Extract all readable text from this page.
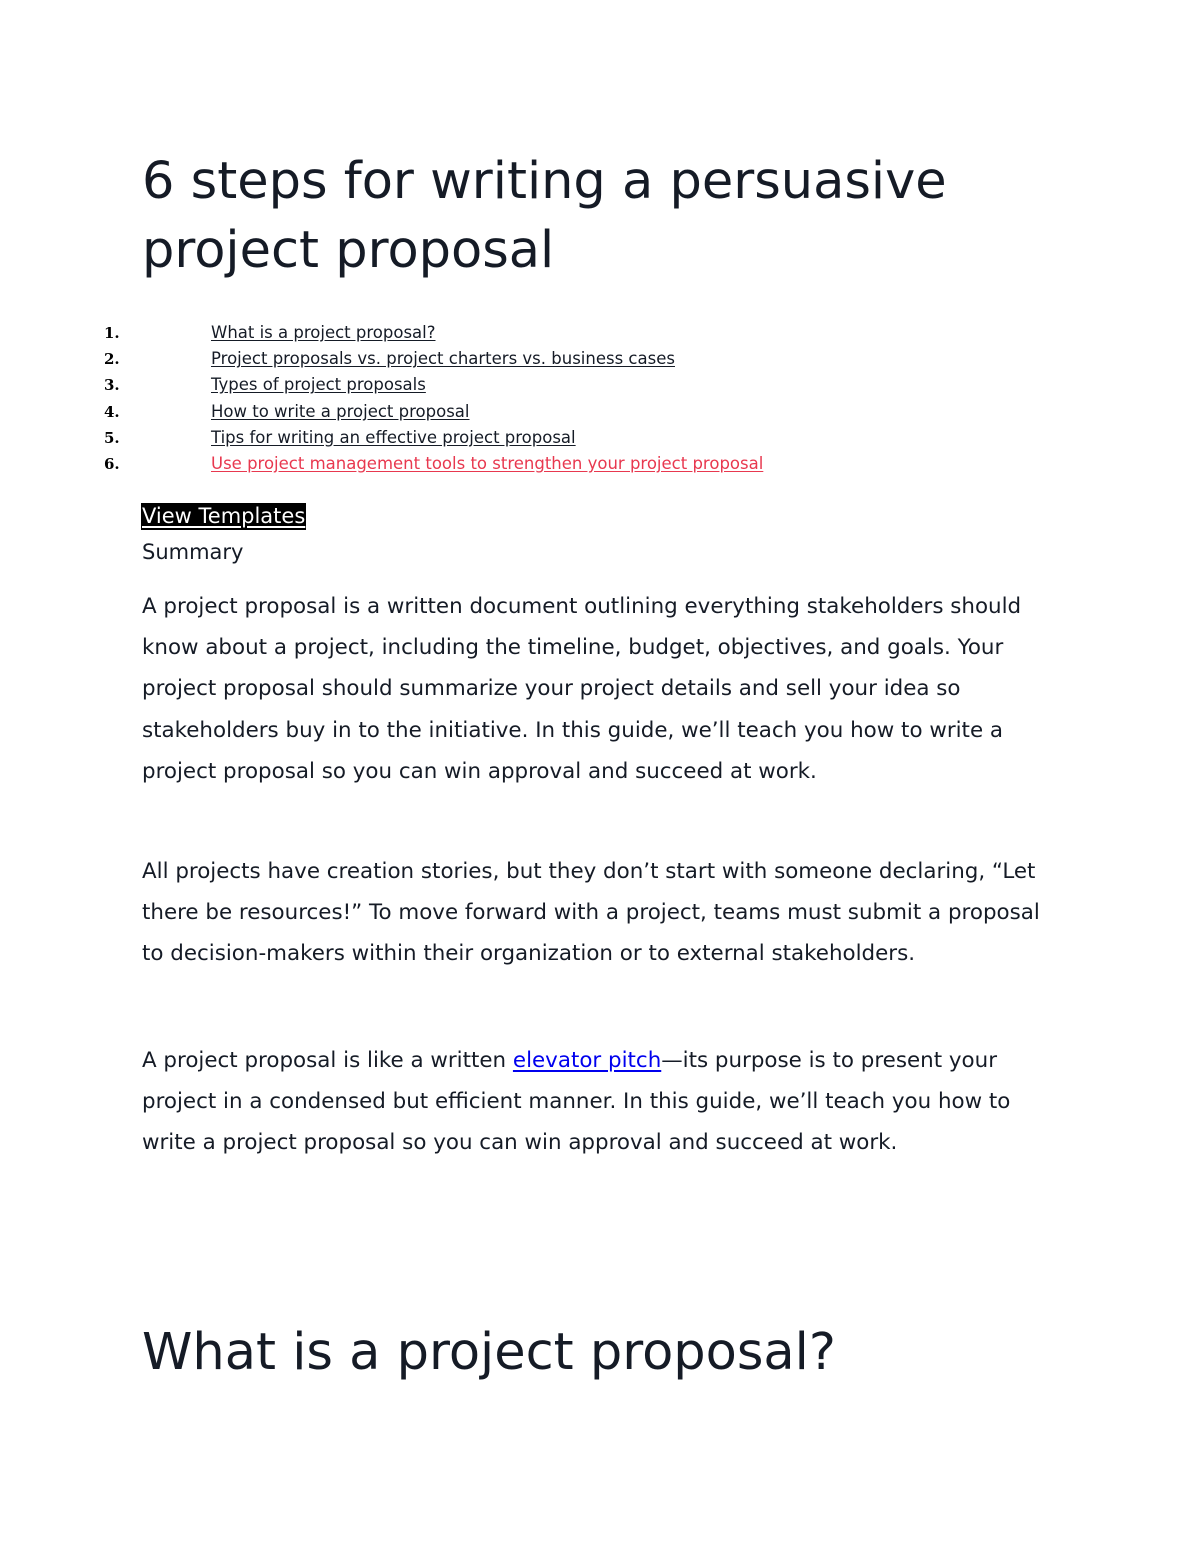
6 steps for writing a persuasive project proposal
1.	What is a project proposal?
2.	Project proposals vs. project charters vs. business cases
3.	Types of project proposals
4.	How to write a project proposal
5.	Tips for writing an effective project proposal
6.	Use project management tools to strengthen your project proposal
View Templates
Summary

A project proposal is a written document outlining everything stakeholders should know about a project, including the timeline, budget, objectives, and goals. Your project proposal should summarize your project details and sell your idea so stakeholders buy in to the initiative. In this guide, we’ll teach you how to write a project proposal so you can win approval and succeed at work.

All projects have creation stories, but they don’t start with someone declaring, “Let there be resources!” To move forward with a project, teams must submit a proposal to decision-makers within their organization or to external stakeholders.

A project proposal is like a written elevator pitch—its purpose is to present your project in a condensed but efficient manner. In this guide, we’ll teach you how to write a project proposal so you can win approval and succeed at work.

What is a project proposal?
